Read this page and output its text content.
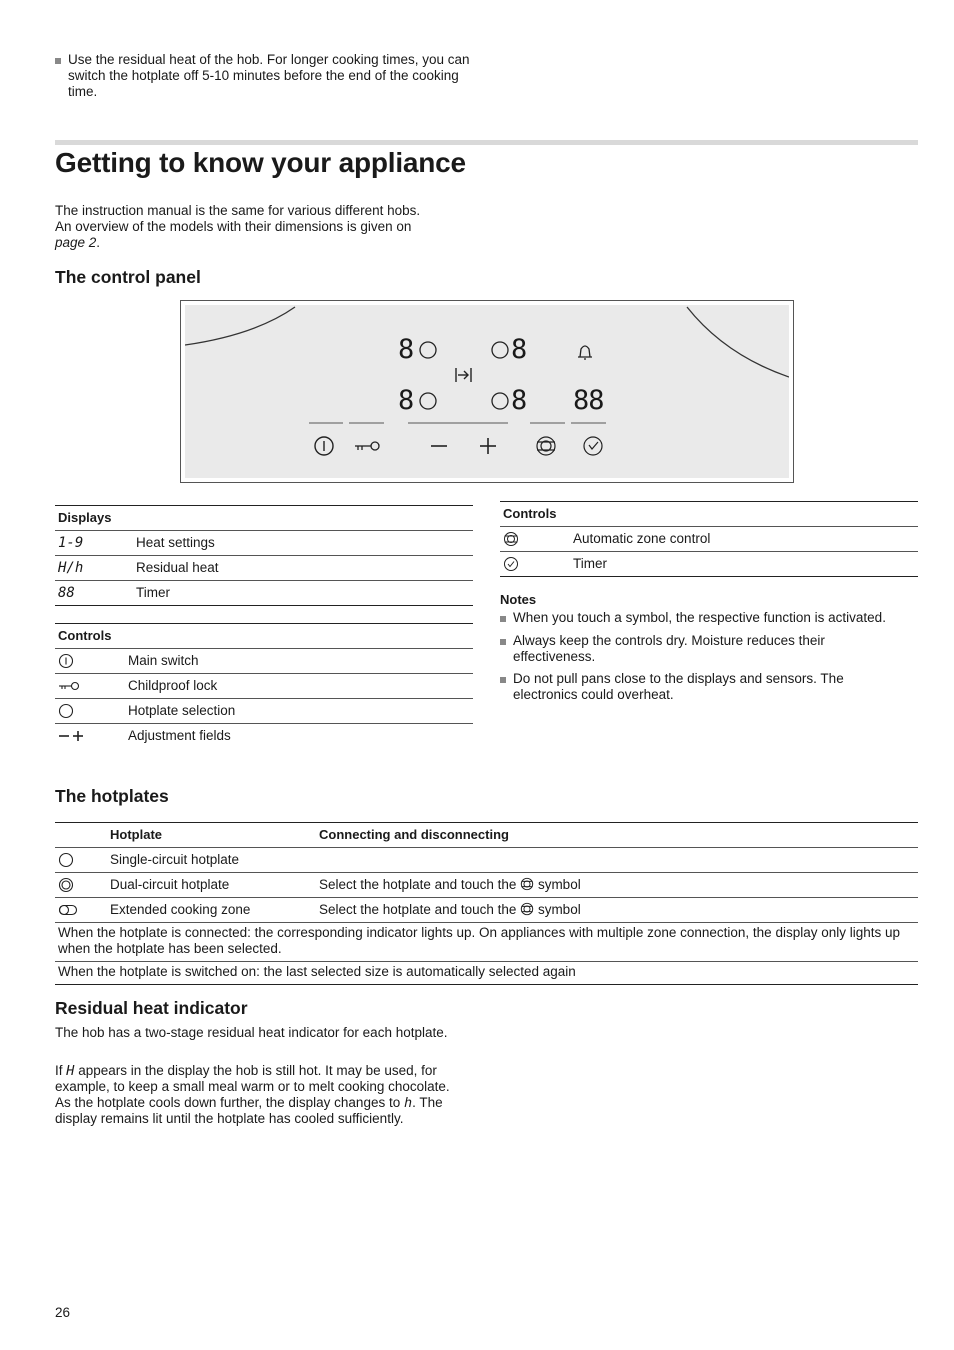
Use the residual heat of the hob. For longer cooking times, you can switch the hotplate off 5-10 minutes before the end of the cooking time.
Getting to know your appliance
The instruction manual is the same for various different hobs.
An overview of the models with their dimensions is given on
page 2.
The control panel
8	8
8	8 88
Displays
1-9	Heat settings
H/h	Residual heat
88	Timer
Controls
Main switch
Childproof lock
Hotplate selection
Adjustment fields
Controls
Automatic zone control
Timer
Notes
When you touch a symbol, the respective function is activated.
Always keep the controls dry. Moisture reduces their effectiveness.
Do not pull pans close to the displays and sensors. The electronics could overheat.
The hotplates
Hotplate	Connecting and disconnecting
Single-circuit hotplate
Dual-circuit hotplate	Select the hotplate and touch the symbol
Extended cooking zone	Select the hotplate and touch the symbol
When the hotplate is connected: the corresponding indicator lights up. On appliances with multiple zone connection, the display only lights up when the hotplate has been selected.
When the hotplate is switched on: the last selected size is automatically selected again
Residual heat indicator
The hob has a two-stage residual heat indicator for each hotplate.
If H appears in the display the hob is still hot. It may be used, for example, to keep a small meal warm or to melt cooking chocolate. As the hotplate cools down further, the display changes to h. The display remains lit until the hotplate has cooled sufficiently.
26
